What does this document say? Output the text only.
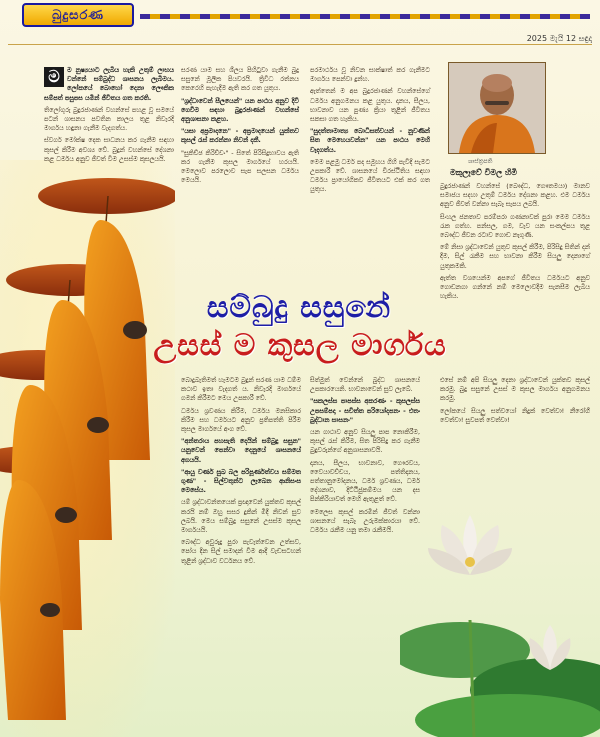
බුදුසරණ
2025 මැයි 12 සඳුදා
ම	ම නුෂ්‍යයාට ලැබිය හැකි උතුම් ලාභය වන්නේ සම්බුද්ධ ශාසනය ලැබීමය. ලෝකයේ බොහෝ දෙනා ලෞකික සම්පත් පසුපස යමින් ජීවිතය ගත කරති.

තිලෝගුරු බුදුරජාණන් වහන්සේ පහළ වූ සමයේ පටන් ශාසනය පවතින කාලය තුළ නිවැරදි මාර්ගය හඳුනා ගැනීම වැදගත්ය.

ස්වර්ග මෝක්ෂ දෙක සාධනය කර ගැනීම සඳහා කුසල් කිරීම අවශ්‍ය වේ. බුදුන් වහන්සේ දේශනා කළ ධර්මය අනුව ජීවත් වීම උසස්ම කුසලයයි.

සරණ යාම සහ ශීලය පිහිටුවා ගැනීම බුදු සසුනේ මූලික පියවරයි. ත්‍රිවිධ රත්නය කෙරෙහි පැහැදීම ඇති කර ගත යුතුය.

"ශ්‍රද්ධාවෙන් සීලයෙන්" යන පාඨය අනුව දිවි ගෙවීම සඳහා බුදුරජාණන් වහන්සේ අනුශාසනා කළහ.

"යසා අප්‍රමාදනෙ" - අප්‍රමාදයෙන් යුක්තව කුසල් රැස් කරන්නා නිවන් දකී.

"සුකිච්ඡ කිරිච්චං" - සිතේ පිරිසිදුභාවය ඇති කර ගැනීම කුසල මාර්ගයේ හරයයි. මෙලොව පරලොව සැප සලසන ධර්මය මෙයයි.

පරමාර්ථය වූ නිවන සාක්ෂාත් කර ගැනීමට මාර්ගය පෙන්වා දුන්හ.

ඇත්තෙන් ම අප බුදුරජාණන් වහන්සේගේ ධර්මය අනුගමනය කළ යුතුය. දානය, සීලය, භාවනාව යන පුණ්‍ය ක්‍රියා තුළින් ජීවිතය සකසා ගත හැකිය.

"සුදත්තාමාත්‍ය බොධිසත්වයන් - නුවණින් සිත මෙහෙයවන්න" යන පාඨය මෙහි වැදගත්ය.

මෙම පළමු ධර්ම පද සමූහය ගිහි පැවිදි සැමට උපකාරී වේ. ශාසනයේ චිරස්ථිතිය සඳහා ධර්මය ප්‍රායෝගිකව ජීවිතයට එක් කර ගත යුතුය.

ශාස්ත්‍රපති
මකුලෑවේ විමල හිමි

බුදුරජාණන් වහන්සේ (බෞද්ධ, ගෞතමයා) මානව සමාජය සදහා උතුම් ධර්මය දේශනා කළහ. එම ධර්මය අනුව ජීවත් වන්නා සැබෑ සැපය ලබයි.

සිංහල ජනතාව පරම්පරා ගණනාවක් පුරා මෙම ධර්මය රැක ගත්හ. පන්සල, ගම, වැව යන සංකල්පය තුළ බෞද්ධ ජීවන රටාව ගොඩ නැගුණි.

මේ නිසා ශ්‍රද්ධාවෙන් යුතුව කුසල් කිරීම, පිරිසිදු සිතින් දන් දීම, සිල් රැකීම සහ භාවනා කිරීම සියලු දෙනාගේ යුතුකමකි.

ඇත්ත වශයෙන්ම අපගේ ජීවිතය ධර්මයට අනුව ගොඩනගා ගන්නේ නම් මෙලොවදීම සැනසීම ලැබිය හැකිය.

සම්බුදු සසුනේ
උසස් ම කුසල මාර්ගය

බොදුබැතිමත් හැමටම බුදුන් සරණ යාම ධම්ම කථාව ඉතා වැදගත් ය. නිවැරදි මාර්ගයේ ගමන් කිරීමට මෙය උපකාරී වේ.

ධර්මය ශ්‍රවණය කිරීම, ධර්මය මනසිකාර කිරීම සහ ධර්මයට අනුව ප්‍රතිපත්ති පිරීම කුසල මාර්ගයේ අංග වේ.

"අන්තරාය පහසැති දෙයින් සම්බුදු සසුන" යනුවෙන් පෙන්වා දෙනුයේ ශාසනයේ අගයයි.

"ආයු වර්ණ සුඛ බල පරිපූර්ණත්වය සම්මත ගුණ" - සිල්වතුන්ට ලැබෙන ආනිසංස මෙසේය.

යම් ශ්‍රද්ධාවන්තයෙක් ප්‍රඥාවෙන් යුක්තව කුසල් කරයි නම් ඔහු සසර දුකින් මිදී නිවන් සුව ලබයි. මෙය සම්බුදු සසුනේ උසස්ම කුසල මාර්ගයයි.

බෞද්ධ අවුරුදු පුරා පැවැත්වෙන උත්සව, පෝය දින සිල් සමාදන් වීම ආදී වැඩසටහන් තුළින් ශ්‍රද්ධාව වර්ධනය වේ.

සිත්මුත් වෙන්නේ බුද්ධ ශාසනයේ උපකාරයෙනි. භාවනාවෙන් සුව ලැබේ.

"සකලස්ස පාපස්ස අකරණං - කුසලස්ස උපසම්පදා - සචිත්ත පරියෝදපනං - එතං බුද්ධාන සාසනං"

යන ගාථාව අනුව සියලු පාප නොකිරීම, කුසල් රැස් කිරීම, සිත පිරිසිදු කර ගැනීම බුදුවරුන්ගේ අනුශාසනාවයි.

දානය, සීලය, භාවනාව, ගෞරවය, වෛයාවච්චය, පත්තිදානය, පත්තානුමෝදනය, ධර්ම ශ්‍රවණය, ධර්ම දේශනාව, දිට්ඨිජුකම්මය යන දස පින්කිරියාවත් මෙහි ඇතුළත් වේ.

මෙලෙස කුසල් කරමින් ජීවත් වන්නා ශාසනයේ සැබෑ උරුමක්කාරයා වේ. ධර්මය රැකීම යනු තමා රැකීමයි.

එසේ නම් අපි සියලු දෙනා ශ්‍රද්ධාවෙන් යුක්තව කුසල් කරමු. බුදු සසුනේ උසස් ම කුසල මාර්ගය අනුගමනය කරමු.

ලෝකයේ සියලු සත්වයෝ නිදුක් වෙත්වා! නීරෝගී වෙත්වා! සුවපත් වෙත්වා!
